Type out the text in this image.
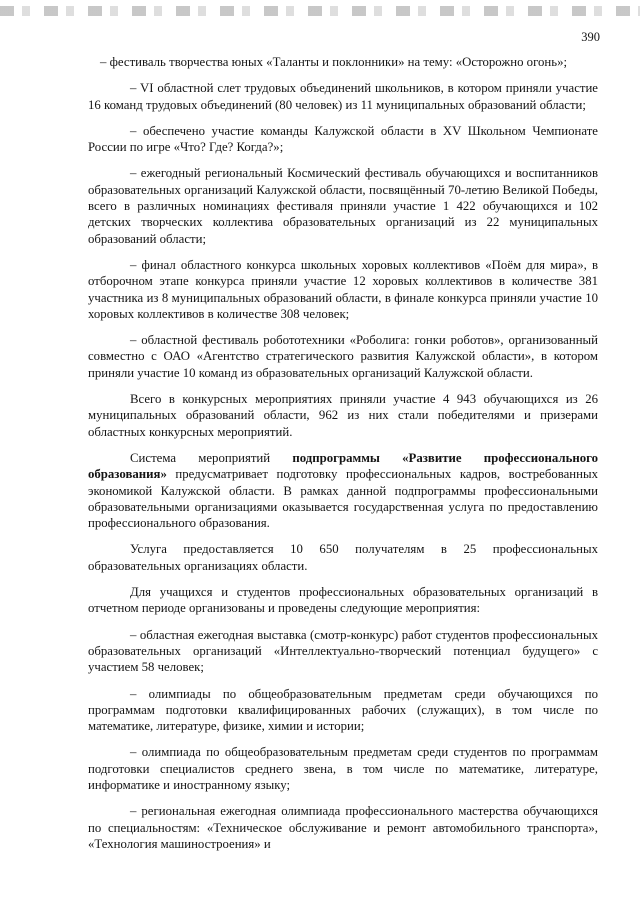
390

– фестиваль творчества юных «Таланты и поклонники» на тему: «Осторожно огонь»;

– VI областной слет трудовых объединений школьников, в котором приняли участие 16 команд трудовых объединений (80 человек) из 11 муниципальных образований области;

– обеспечено участие команды Калужской области в XV Школьном Чемпионате России по игре «Что? Где? Когда?»;

– ежегодный региональный Космический фестиваль обучающихся и воспитанников образовательных организаций Калужской области, посвящённый 70-летию Великой Победы, всего в различных номинациях фестиваля приняли участие 1 422 обучающихся и 102 детских творческих коллектива образовательных организаций из 22 муниципальных образований области;

– финал областного конкурса школьных хоровых коллективов «Поём для мира», в отборочном этапе конкурса приняли участие 12 хоровых коллективов в количестве 381 участника из 8 муниципальных образований области, в финале конкурса приняли участие 10 хоровых коллективов в количестве 308 человек;

– областной фестиваль робототехники «Роболига: гонки роботов», организованный совместно с ОАО «Агентство стратегического развития Калужской области», в котором приняли участие 10 команд из образовательных организаций Калужской области.

Всего в конкурсных мероприятиях приняли участие 4 943 обучающихся из 26 муниципальных образований области, 962 из них стали победителями и призерами областных конкурсных мероприятий.

Система мероприятий подпрограммы «Развитие профессионального образования» предусматривает подготовку профессиональных кадров, востребованных экономикой Калужской области. В рамках данной подпрограммы профессиональными образовательными организациями оказывается государственная услуга по предоставлению профессионального образования.

Услуга предоставляется 10 650 получателям в 25 профессиональных образовательных организациях области.

Для учащихся и студентов профессиональных образовательных организаций в отчетном периоде организованы и проведены следующие мероприятия:

– областная ежегодная выставка (смотр-конкурс) работ студентов профессиональных образовательных организаций «Интеллектуально-творческий потенциал будущего» с участием 58 человек;

– олимпиады по общеобразовательным предметам среди обучающихся по программам подготовки квалифицированных рабочих (служащих), в том числе по математике, литературе, физике, химии и истории;

– олимпиада по общеобразовательным предметам среди студентов по программам подготовки специалистов среднего звена, в том числе по математике, литературе, информатике и иностранному языку;

– региональная ежегодная олимпиада профессионального мастерства обучающихся по специальностям: «Техническое обслуживание и ремонт автомобильного транспорта», «Технология машиностроения» и
